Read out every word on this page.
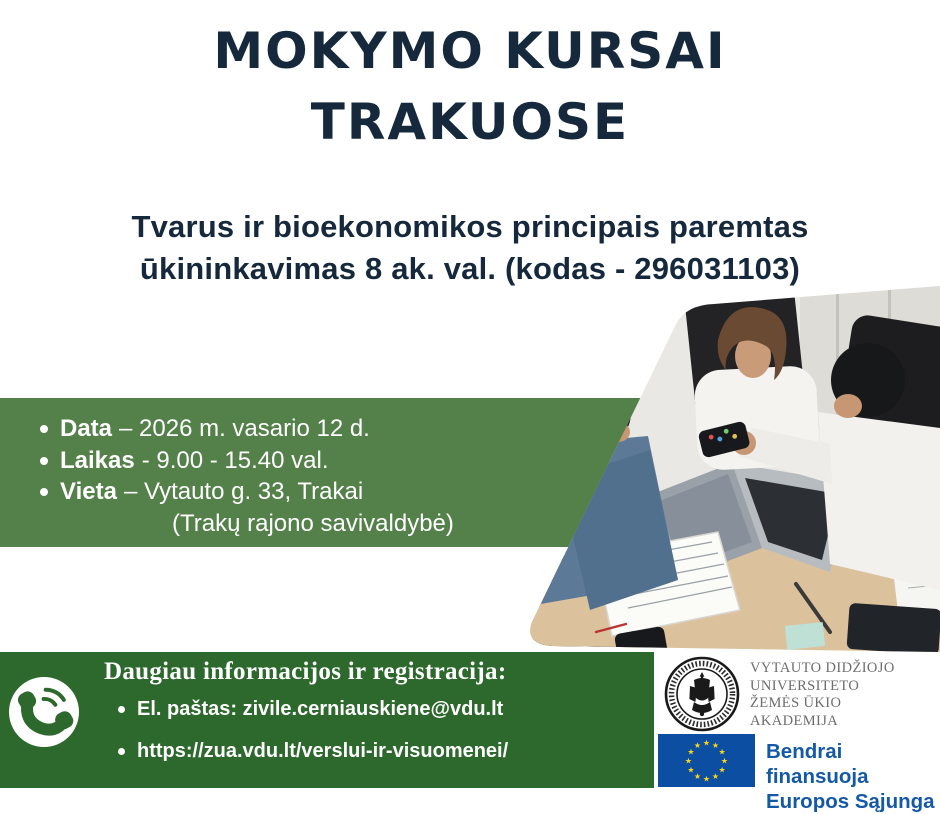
MOKYMO KURSAI
TRAKUOSE
Tvarus ir bioekonomikos principais paremtas
ūkininkavimas 8 ak. val. (kodas - 296031103)
Data – 2026 m. vasario 12 d.
Laikas - 9.00 - 15.40 val.
Vieta – Vytauto g. 33, Trakai
(Trakų rajono savivaldybė)
Daugiau informacijos ir registracija:
El. paštas: zivile.cerniauskiene@vdu.lt
https://zua.vdu.lt/verslui-ir-visuomenei/
VYTAUTO DIDŽIOJO
UNIVERSITETO
ŽEMĖS ŪKIO
AKADEMIJA
★ ★
★
★
★
★
★
★
★
★
★
★	Bendrai finansuoja
Europos Sąjunga
